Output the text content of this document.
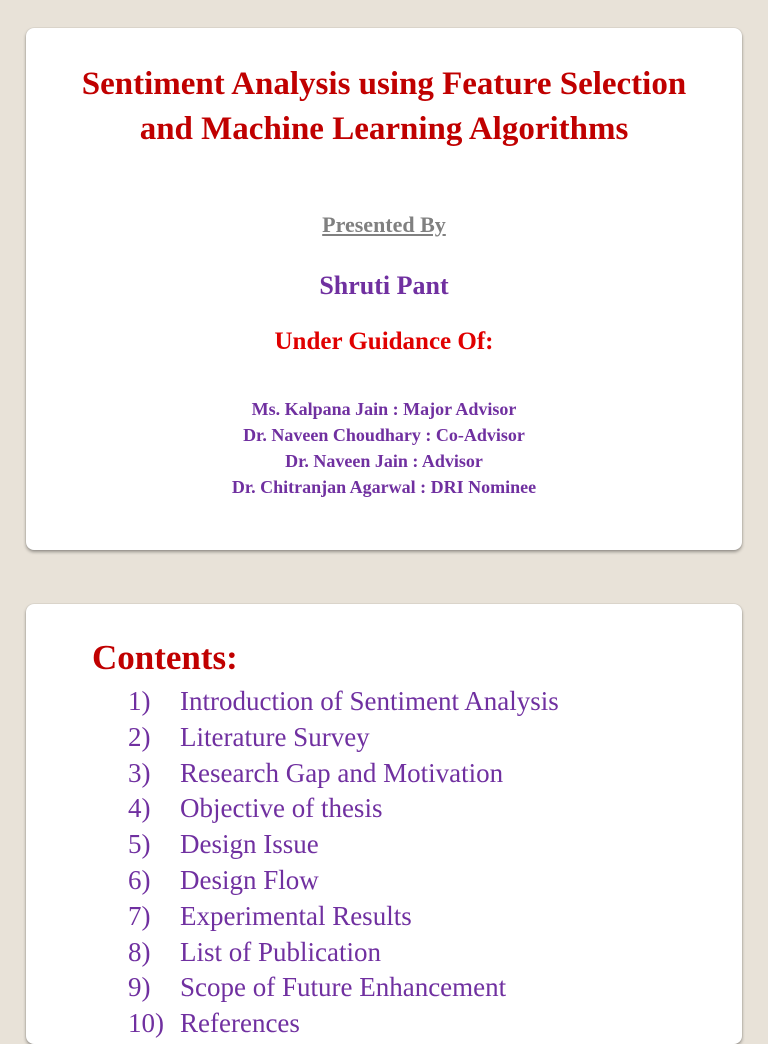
Sentiment Analysis using Feature Selection
and Machine Learning Algorithms

Presented By

Shruti Pant

Under Guidance Of:

Ms. Kalpana Jain : Major Advisor
Dr. Naveen Choudhary : Co-Advisor
Dr. Naveen Jain : Advisor
Dr. Chitranjan Agarwal : DRI Nominee
Contents:
1) Introduction of Sentiment Analysis
2) Literature Survey
3) Research Gap and Motivation
4) Objective of thesis
5) Design Issue
6) Design Flow
7) Experimental Results
8) List of Publication
9) Scope of Future Enhancement
10) References
